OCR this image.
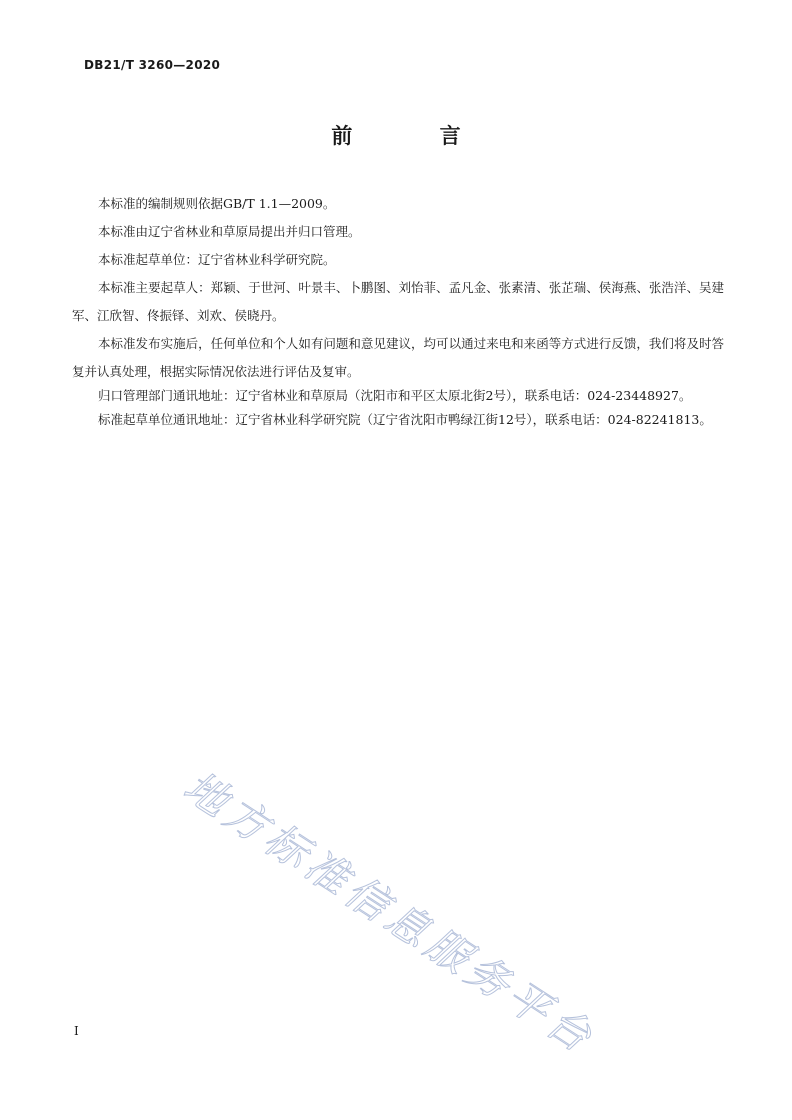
DB21/T 3260—2020
前 言

本标准的编制规则依据GB/T 1.1—2009。

本标准由辽宁省林业和草原局提出并归口管理。

本标准起草单位：辽宁省林业科学研究院。

本标准主要起草人：郑颖、于世河、叶景丰、卜鹏图、刘怡菲、孟凡金、张素清、张芷瑞、侯海燕、张浩洋、吴建军、江欣智、佟振铎、刘欢、侯晓丹。

本标准发布实施后，任何单位和个人如有问题和意见建议，均可以通过来电和来函等方式进行反馈，我们将及时答复并认真处理，根据实际情况依法进行评估及复审。

归口管理部门通讯地址：辽宁省林业和草原局（沈阳市和平区太原北街2号），联系电话：024-23448927。

标准起草单位通讯地址：辽宁省林业科学研究院（辽宁省沈阳市鸭绿江街12号），联系电话：024-82241813。

地方标准信息服务平台
I
